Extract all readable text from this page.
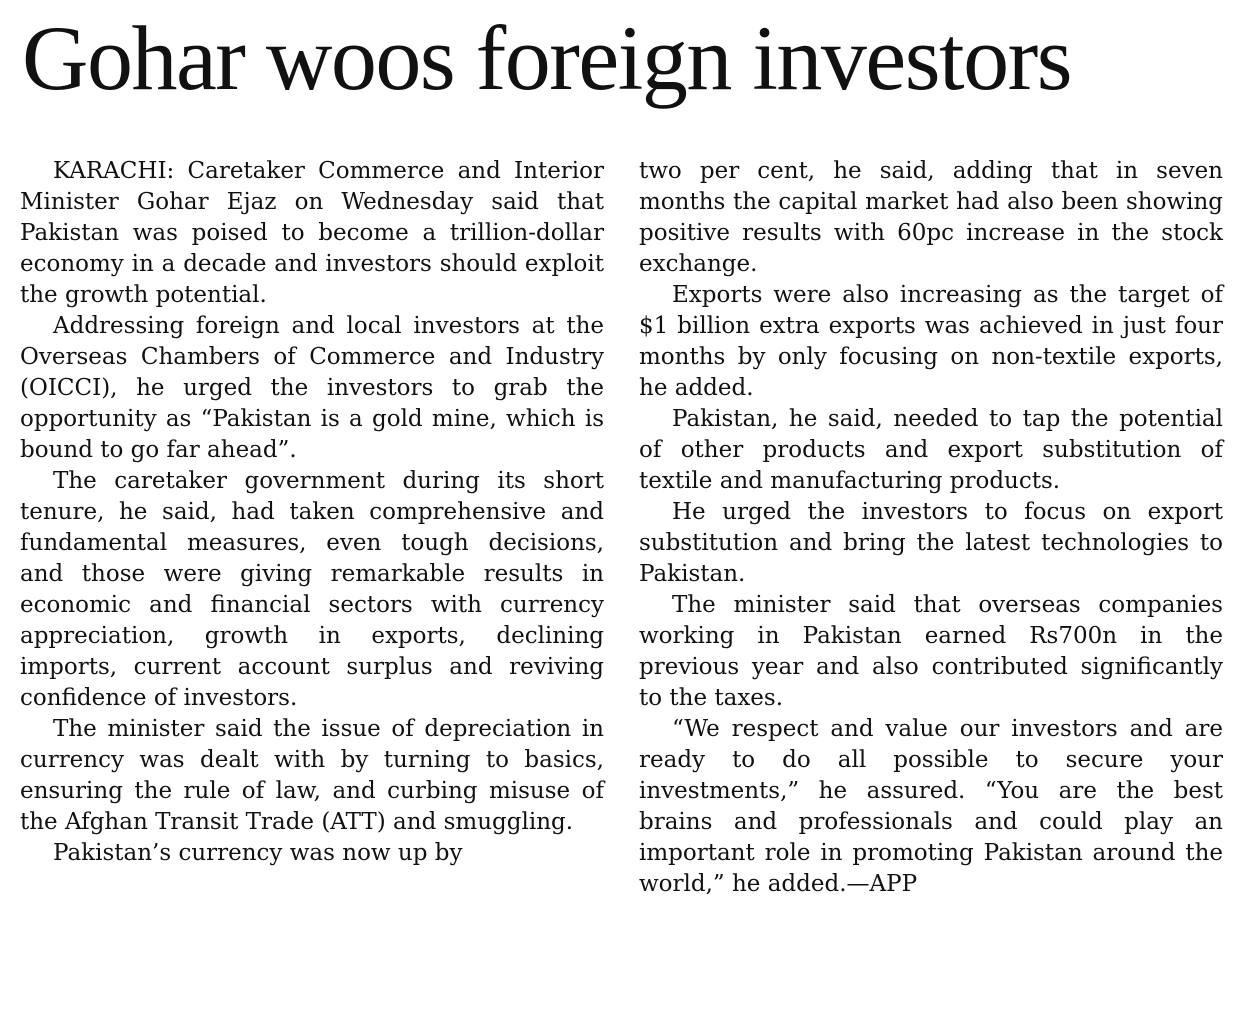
Gohar woos foreign investors

KARACHI: Caretaker Commerce and Interior Minister Gohar Ejaz on Wednesday said that Pakistan was poised to become a trillion-dollar economy in a decade and investors should exploit the growth potential.

Addressing foreign and local investors at the Overseas Chambers of Commerce and Industry (OICCI), he urged the investors to grab the opportunity as “Pakistan is a gold mine, which is bound to go far ahead”.

The caretaker government during its short tenure, he said, had taken comprehensive and fundamental measures, even tough decisions, and those were giving remarkable results in economic and financial sectors with currency appreciation, growth in exports, declining imports, current account surplus and reviving confidence of investors.

The minister said the issue of depreciation in currency was dealt with by turning to basics, ensuring the rule of law, and curbing misuse of the Afghan Transit Trade (ATT) and smuggling.

Pakistan’s currency was now up by

two per cent, he said, adding that in seven months the capital market had also been showing positive results with 60pc increase in the stock exchange.

Exports were also increasing as the target of $1 billion extra exports was achieved in just four months by only focusing on non-textile exports, he added.

Pakistan, he said, needed to tap the potential of other products and export substitution of textile and manufacturing products.

He urged the investors to focus on export substitution and bring the latest technologies to Pakistan.

The minister said that overseas companies working in Pakistan earned Rs700n in the previous year and also contributed significantly to the taxes.

“We respect and value our investors and are ready to do all possible to secure your investments,” he assured. “You are the best brains and professionals and could play an important role in promoting Pakistan around the world,” he added.—APP
